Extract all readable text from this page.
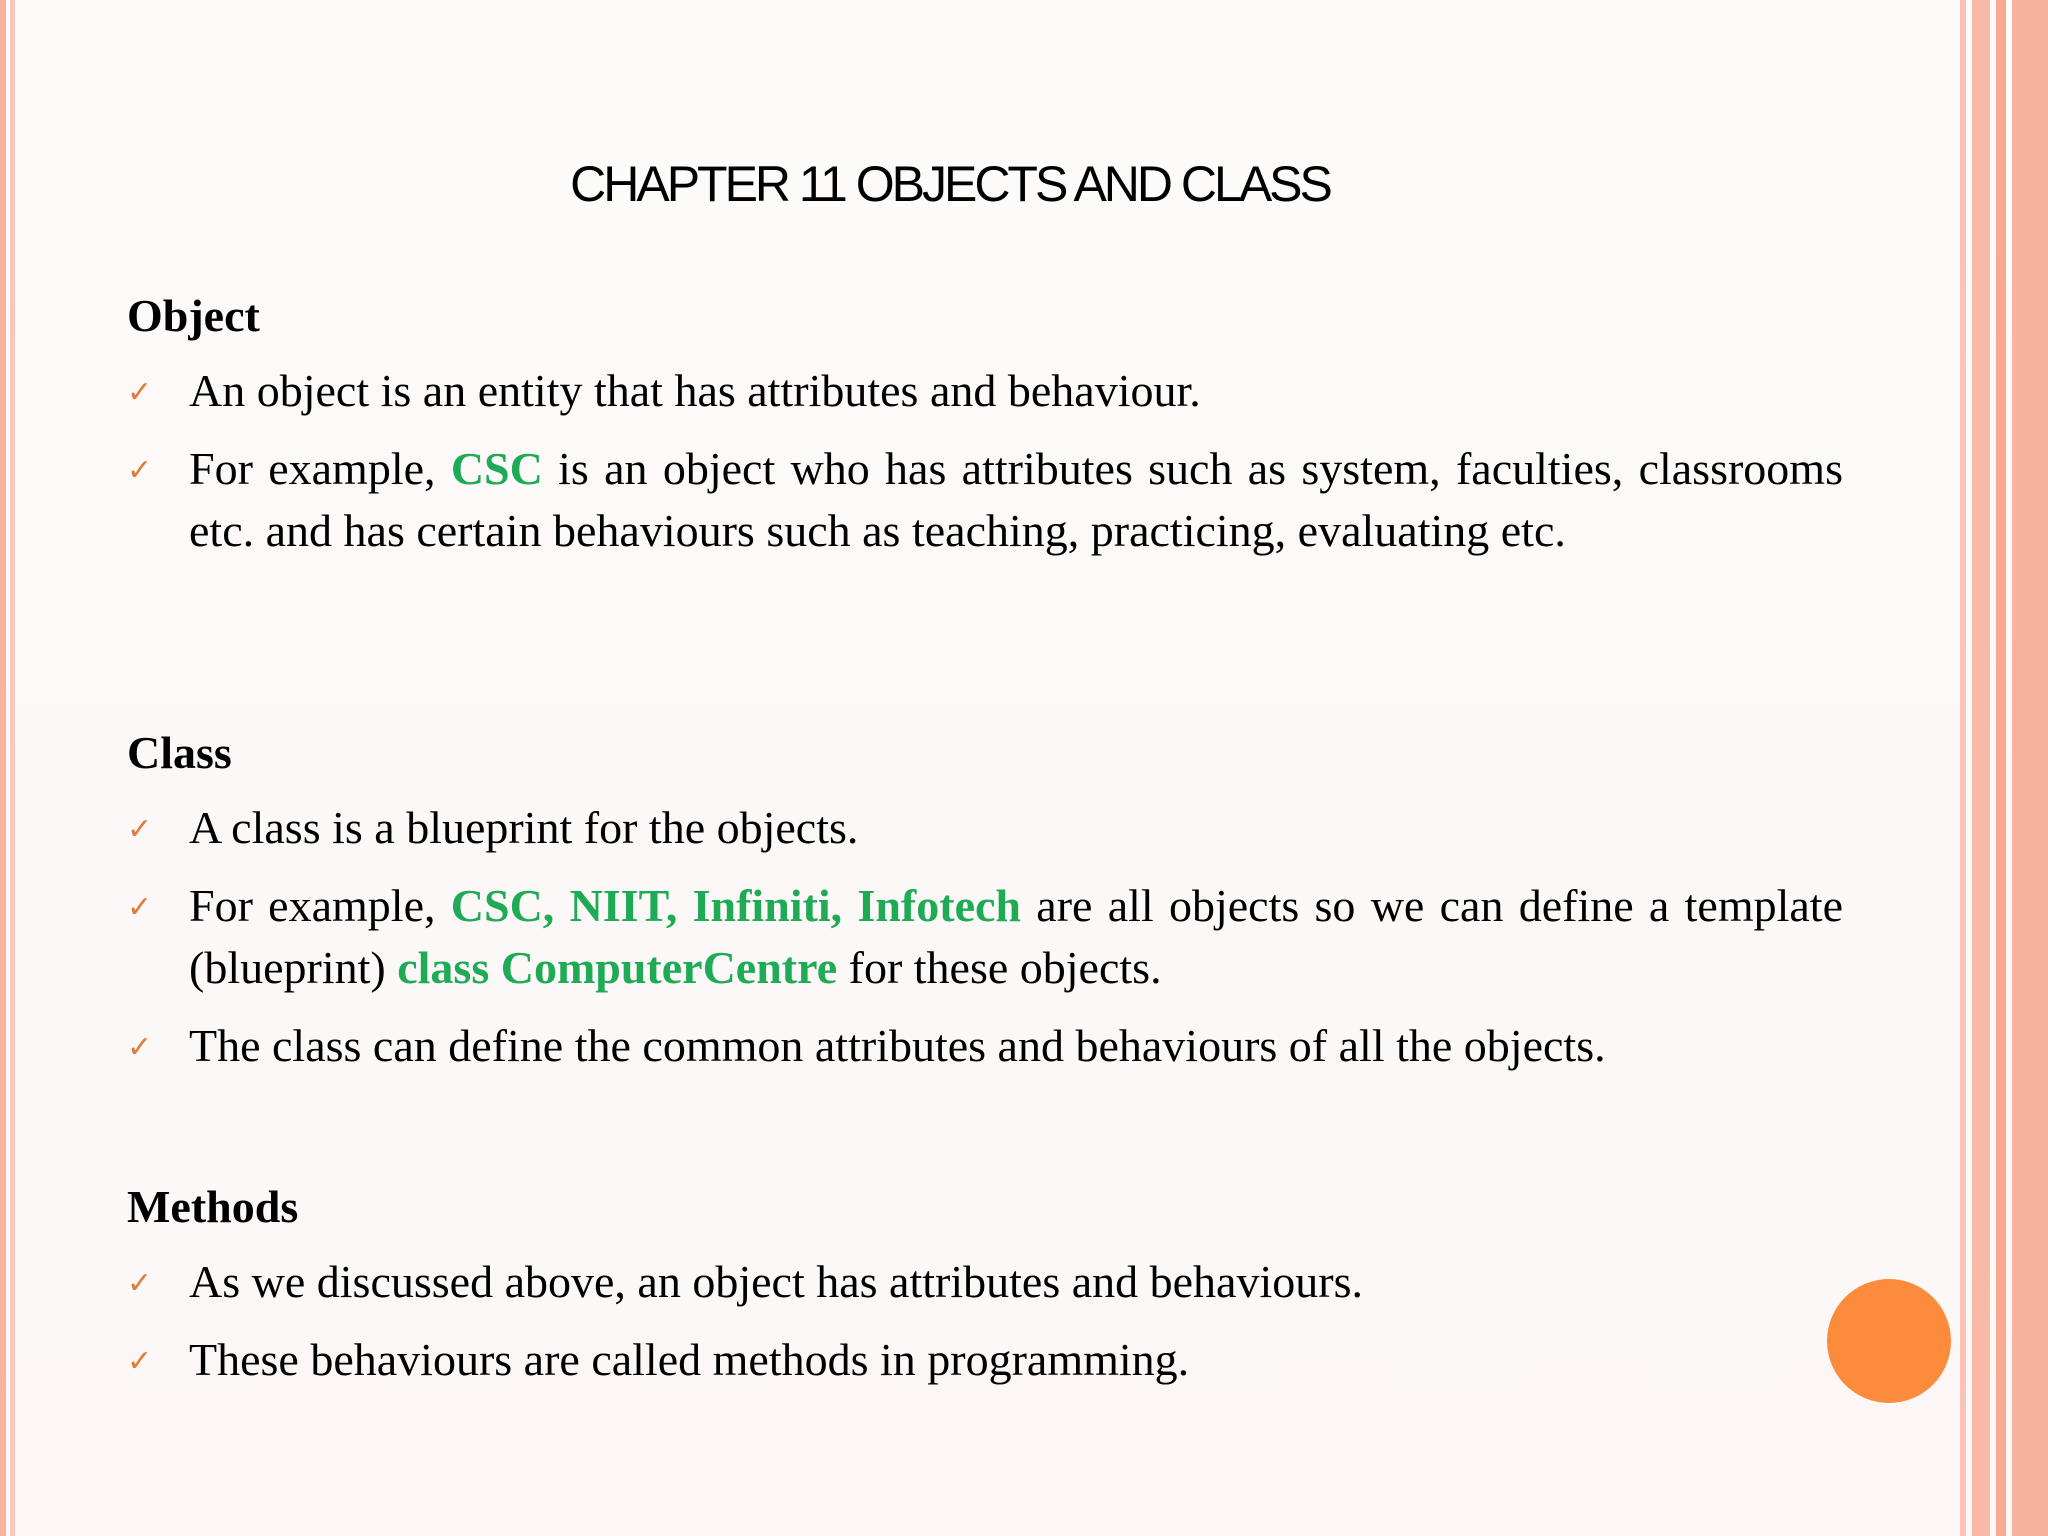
CHAPTER 11 OBJECTS AND CLASS
Object
✓ An object is an entity that has attributes and behaviour.
✓ For example, CSC is an object who has attributes such as system, faculties, classrooms etc. and has certain behaviours such as teaching, practicing, evaluating etc.
Class
✓ A class is a blueprint for the objects.
✓ For example, CSC, NIIT, Infiniti, Infotech are all objects so we can define a template (blueprint) class ComputerCentre for these objects.
✓ The class can define the common attributes and behaviours of all the objects.
Methods
✓ As we discussed above, an object has attributes and behaviours.
✓ These behaviours are called methods in programming.
